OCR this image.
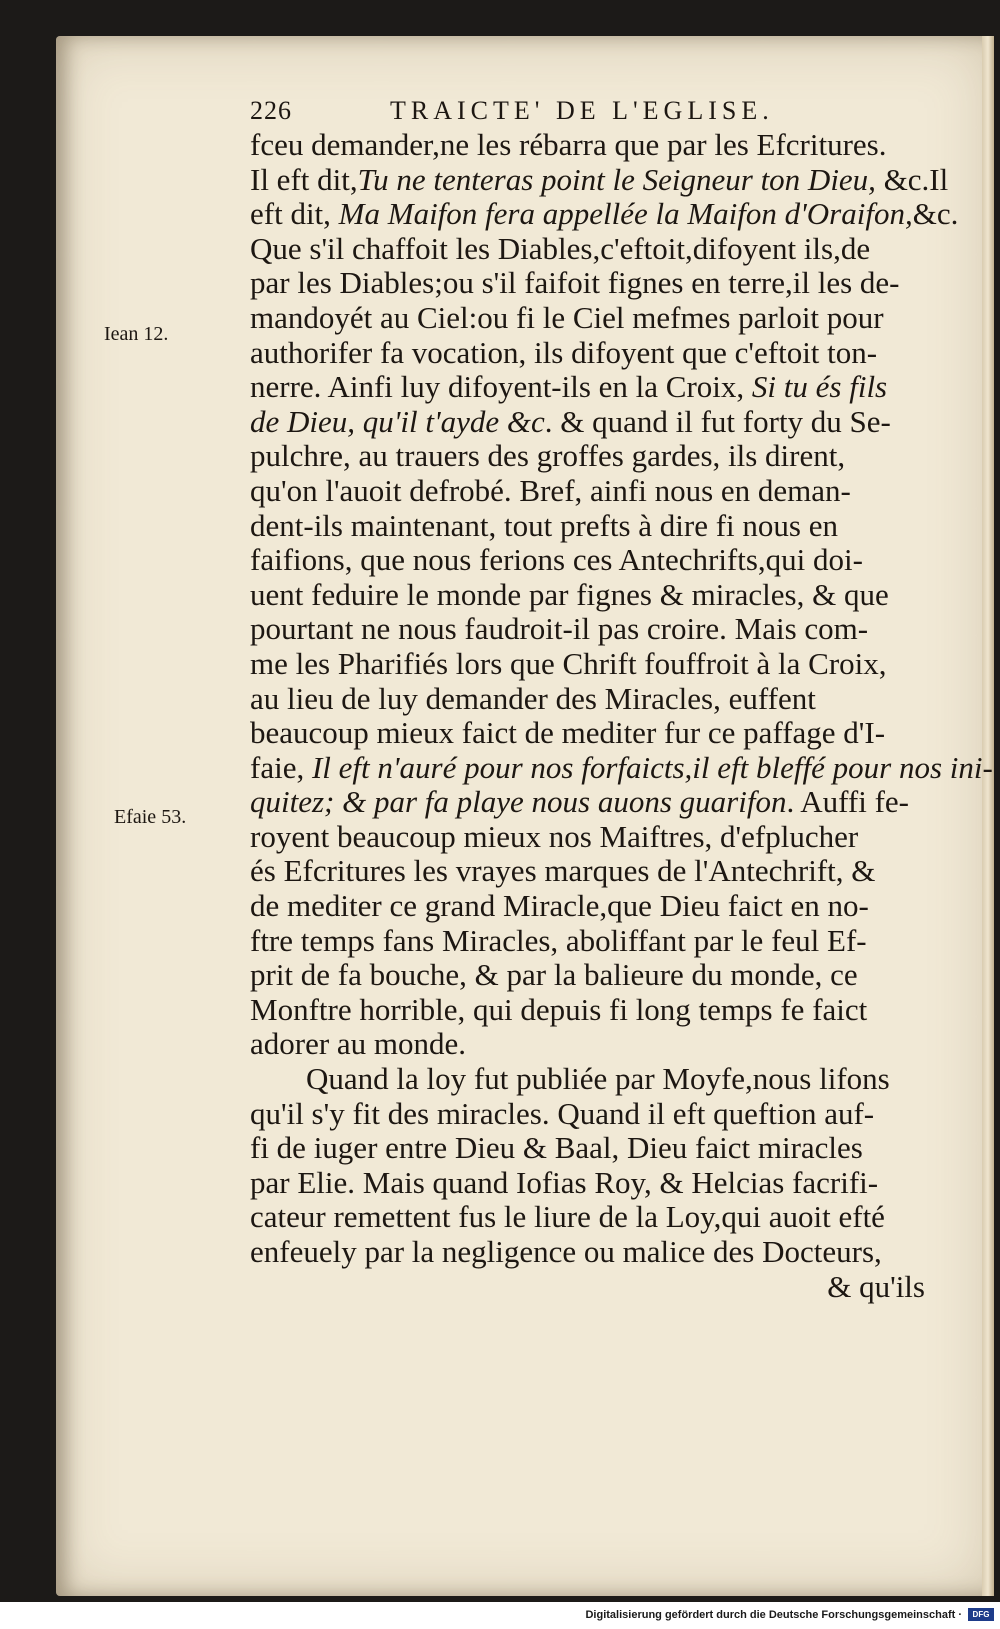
226	TRAICTE' DE L'EGLISE.
Iean 12.
Efaie 53.
fceu demander,ne les rébarra que par les Efcritures.
Il eft dit,Tu ne tenteras point le Seigneur ton Dieu, &c.Il
eft dit, Ma Maifon fera appellée la Maifon d'Oraifon,&c.
Que s'il chaffoit les Diables,c'eftoit,difoyent ils,de
par les Diables;ou s'il faifoit fignes en terre,il les de-
mandoyét au Ciel:ou fi le Ciel mefmes parloit pour
authorifer fa vocation, ils difoyent que c'eftoit ton-
nerre. Ainfi luy difoyent-ils en la Croix, Si tu és fils
de Dieu, qu'il t'ayde &c. & quand il fut forty du Se-
pulchre, au trauers des groffes gardes, ils dirent,
qu'on l'auoit defrobé. Bref, ainfi nous en deman-
dent-ils maintenant, tout prefts à dire fi nous en
faifions, que nous ferions ces Antechrifts,qui doi-
uent feduire le monde par fignes & miracles, & que
pourtant ne nous faudroit-il pas croire. Mais com-
me les Pharifiés lors que Chrift fouffroit à la Croix,
au lieu de luy demander des Miracles, euffent
beaucoup mieux faict de mediter fur ce paffage d'I-
faie, Il eft n'auré pour nos forfaicts,il eft bleffé pour nos ini-
quitez; & par fa playe nous auons guarifon. Auffi fe-
royent beaucoup mieux nos Maiftres, d'efplucher
és Efcritures les vrayes marques de l'Antechrift, &
de mediter ce grand Miracle,que Dieu faict en no-
ftre temps fans Miracles, aboliffant par le feul Ef-
prit de fa bouche, & par la balieure du monde, ce
Monftre horrible, qui depuis fi long temps fe faict
adorer au monde.
Quand la loy fut publiée par Moyfe,nous lifons
qu'il s'y fit des miracles. Quand il eft queftion auf-
fi de iuger entre Dieu & Baal, Dieu faict miracles
par Elie. Mais quand Iofias Roy, & Helcias facrifi-
cateur remettent fus le liure de la Loy,qui auoit efté
enfeuely par la negligence ou malice des Docteurs,
& qu'ils
Digitalisierung gefördert durch die Deutsche Forschungsgemeinschaft ·	DFG
